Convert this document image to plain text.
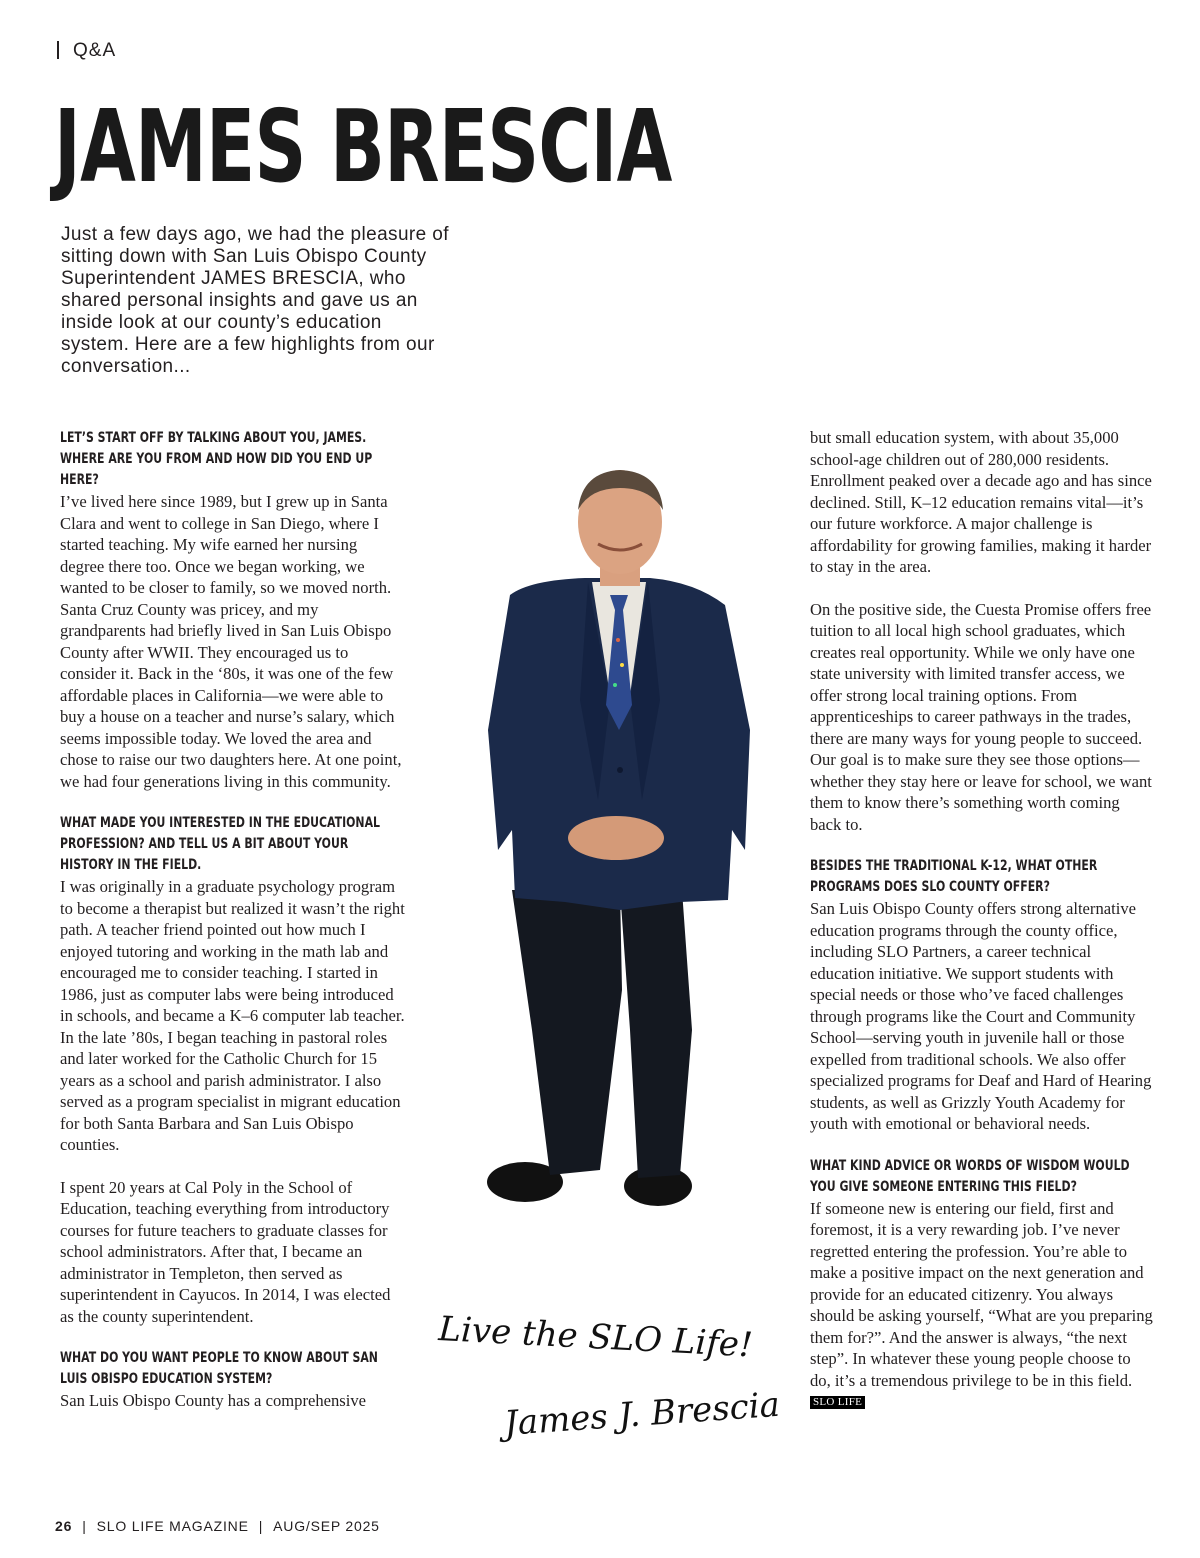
Q&A
JAMES BRESCIA

Just a few days ago, we had the pleasure of sitting down with San Luis Obispo County Superintendent JAMES BRESCIA, who shared personal insights and gave us an inside look at our county’s education system. Here are a few highlights from our conversation...

LET’S START OFF BY TALKING ABOUT YOU, JAMES. WHERE ARE YOU FROM AND HOW DID YOU END UP HERE?

I’ve lived here since 1989, but I grew up in Santa Clara and went to college in San Diego, where I started teaching. My wife earned her nursing degree there too. Once we began working, we wanted to be closer to family, so we moved north. Santa Cruz County was pricey, and my grandparents had briefly lived in San Luis Obispo County after WWII. They encouraged us to consider it. Back in the ‘80s, it was one of the few affordable places in California—we were able to buy a house on a teacher and nurse’s salary, which seems impossible today. We loved the area and chose to raise our two daughters here. At one point, we had four generations living in this community.

WHAT MADE YOU INTERESTED IN THE EDUCATIONAL PROFESSION? AND TELL US A BIT ABOUT YOUR HISTORY IN THE FIELD.

I was originally in a graduate psychology program to become a therapist but realized it wasn’t the right path. A teacher friend pointed out how much I enjoyed tutoring and working in the math lab and encouraged me to consider teaching. I started in 1986, just as computer labs were being introduced in schools, and became a K–6 computer lab teacher. In the late ’80s, I began teaching in pastoral roles and later worked for the Catholic Church for 15 years as a school and parish administrator. I also served as a program specialist in migrant education for both Santa Barbara and San Luis Obispo counties.

I spent 20 years at Cal Poly in the School of Education, teaching everything from introductory courses for future teachers to graduate classes for school administrators. After that, I became an administrator in Templeton, then served as superintendent in Cayucos. In 2014, I was elected as the county superintendent.

WHAT DO YOU WANT PEOPLE TO KNOW ABOUT SAN LUIS OBISPO EDUCATION SYSTEM?

San Luis Obispo County has a comprehensive

Live the SLO Life!
James J. Brescia

but small education system, with about 35,000 school-age children out of 280,000 residents. Enrollment peaked over a decade ago and has since declined. Still, K–12 education remains vital—it’s our future workforce. A major challenge is affordability for growing families, making it harder to stay in the area.

On the positive side, the Cuesta Promise offers free tuition to all local high school graduates, which creates real opportunity. While we only have one state university with limited transfer access, we offer strong local training options. From apprenticeships to career pathways in the trades, there are many ways for young people to succeed. Our goal is to make sure they see those options—whether they stay here or leave for school, we want them to know there’s something worth coming back to.

BESIDES THE TRADITIONAL K-12, WHAT OTHER PROGRAMS DOES SLO COUNTY OFFER?

San Luis Obispo County offers strong alternative education programs through the county office, including SLO Partners, a career technical education initiative. We support students with special needs or those who’ve faced challenges through programs like the Court and Community School—serving youth in juvenile hall or those expelled from traditional schools. We also offer specialized programs for Deaf and Hard of Hearing students, as well as Grizzly Youth Academy for youth with emotional or behavioral needs.

WHAT KIND ADVICE OR WORDS OF WISDOM WOULD YOU GIVE SOMEONE ENTERING THIS FIELD?

If someone new is entering our field, first and foremost, it is a very rewarding job. I’ve never regretted entering the profession. You’re able to make a positive impact on the next generation and provide for an educated citizenry. You always should be asking yourself, “What are you preparing them for?”. And the answer is always, “the next step”. In whatever these young people choose to do, it’s a tremendous privilege to be in this field. SLO LIFE

26 | SLO LIFE MAGAZINE | AUG/SEP 2025
